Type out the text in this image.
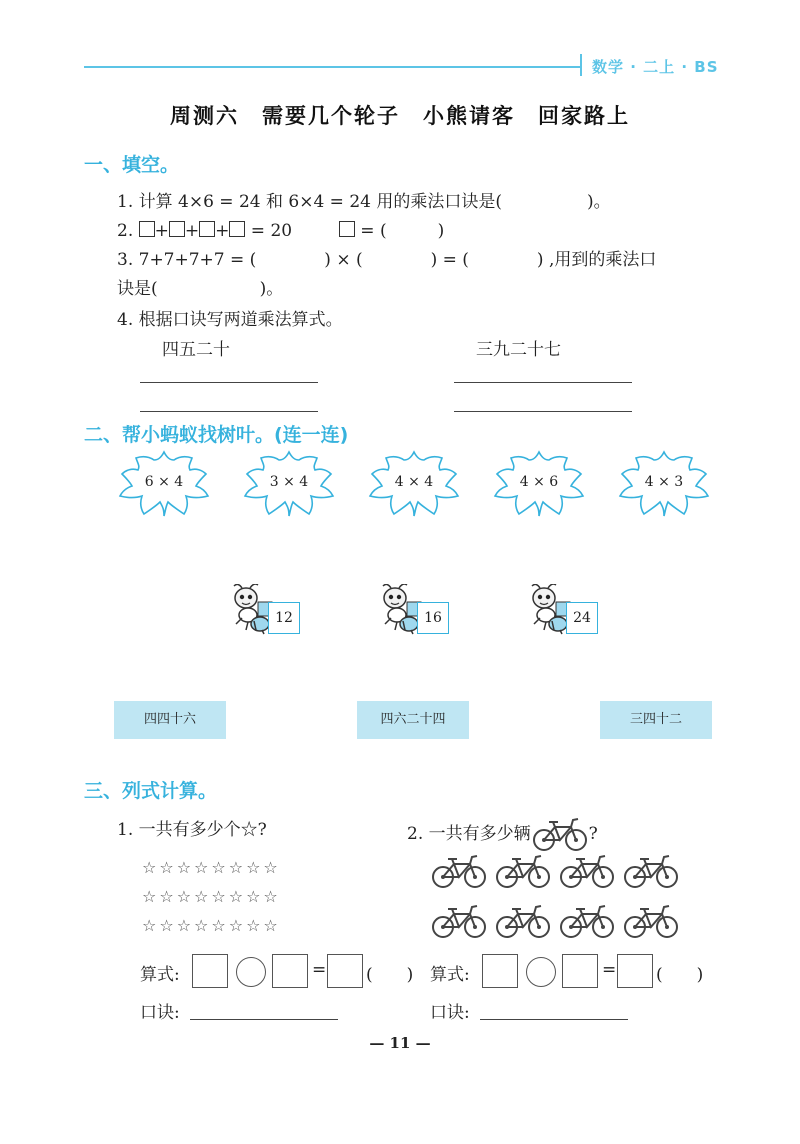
数学 · 二上 · BS
周测六　需要几个轮子　小熊请客　回家路上
一、填空。
1. 计算 4×6 = 24 和 6×4 = 24 用的乘法口诀是(　　　　　)。
2. + + + = 20	= (　　　)
3. 7+7+7+7 = (　　　　) × (　　　　) = (　　　　) ,用到的乘法口
诀是(　　　　　　)。
4. 根据口诀写两道乘法算式。
四五二十	三九二十七
二、帮小蚂蚁找树叶。(连一连)
6 × 4	3 × 4	4 × 4	4 × 6	4 × 3
12	16	24
四四十六	四六二十四	三四十二
三、列式计算。
1. 一共有多少个☆?	2. 一共有多少辆	?
☆☆☆☆☆☆☆☆
☆☆☆☆☆☆☆☆
☆☆☆☆☆☆☆☆
算式:	= (　　) 算式:	= (　　)
口诀:	口诀:
— 11 —
